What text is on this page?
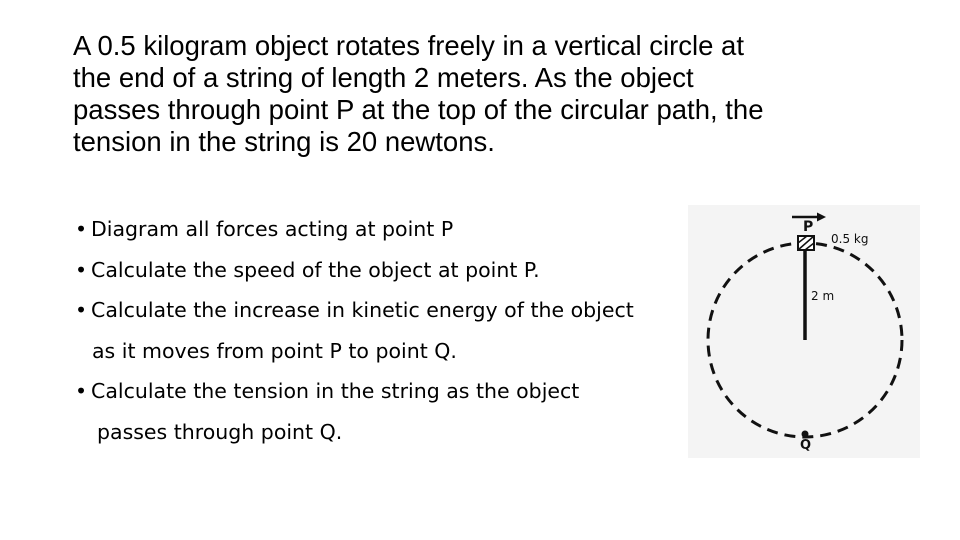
A 0.5 kilogram object rotates freely in a vertical circle at
the end of a string of length 2 meters. As the object
passes through point P at the top of the circular path, the
tension in the string is 20 newtons.
• Diagram all forces acting at point P
• Calculate the speed of the object at point P.
• Calculate the increase in kinetic energy of the object
as it moves from point P to point Q.
• Calculate the tension in the string as the object
passes through point Q.
P
0.5 kg
2 m
Q
